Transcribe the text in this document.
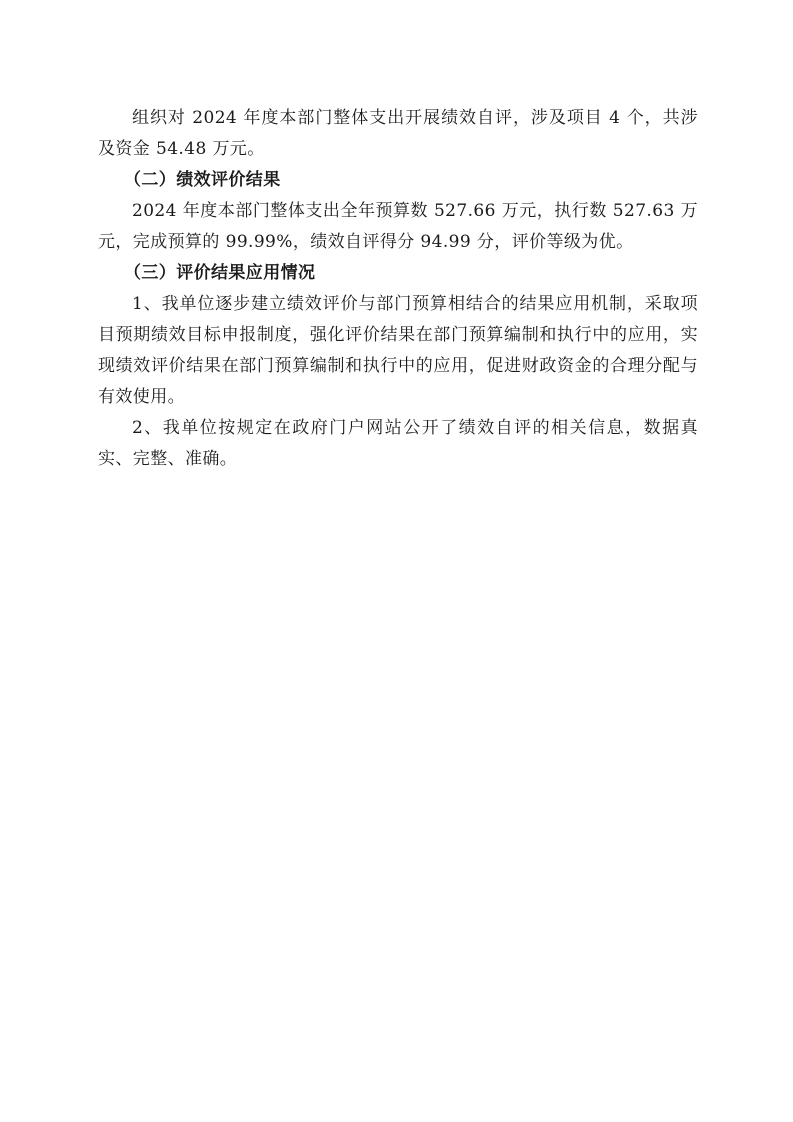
组织对 2024 年度本部门整体支出开展绩效自评，涉及项目 4 个，共涉及资金 54.48 万元。

（二）绩效评价结果

2024 年度本部门整体支出全年预算数 527.66 万元，执行数 527.63 万元，完成预算的 99.99%，绩效自评得分 94.99 分，评价等级为优。

（三）评价结果应用情况

1、我单位逐步建立绩效评价与部门预算相结合的结果应用机制，采取项目预期绩效目标申报制度，强化评价结果在部门预算编制和执行中的应用，实现绩效评价结果在部门预算编制和执行中的应用，促进财政资金的合理分配与有效使用。

2、我单位按规定在政府门户网站公开了绩效自评的相关信息，数据真实、完整、准确。
